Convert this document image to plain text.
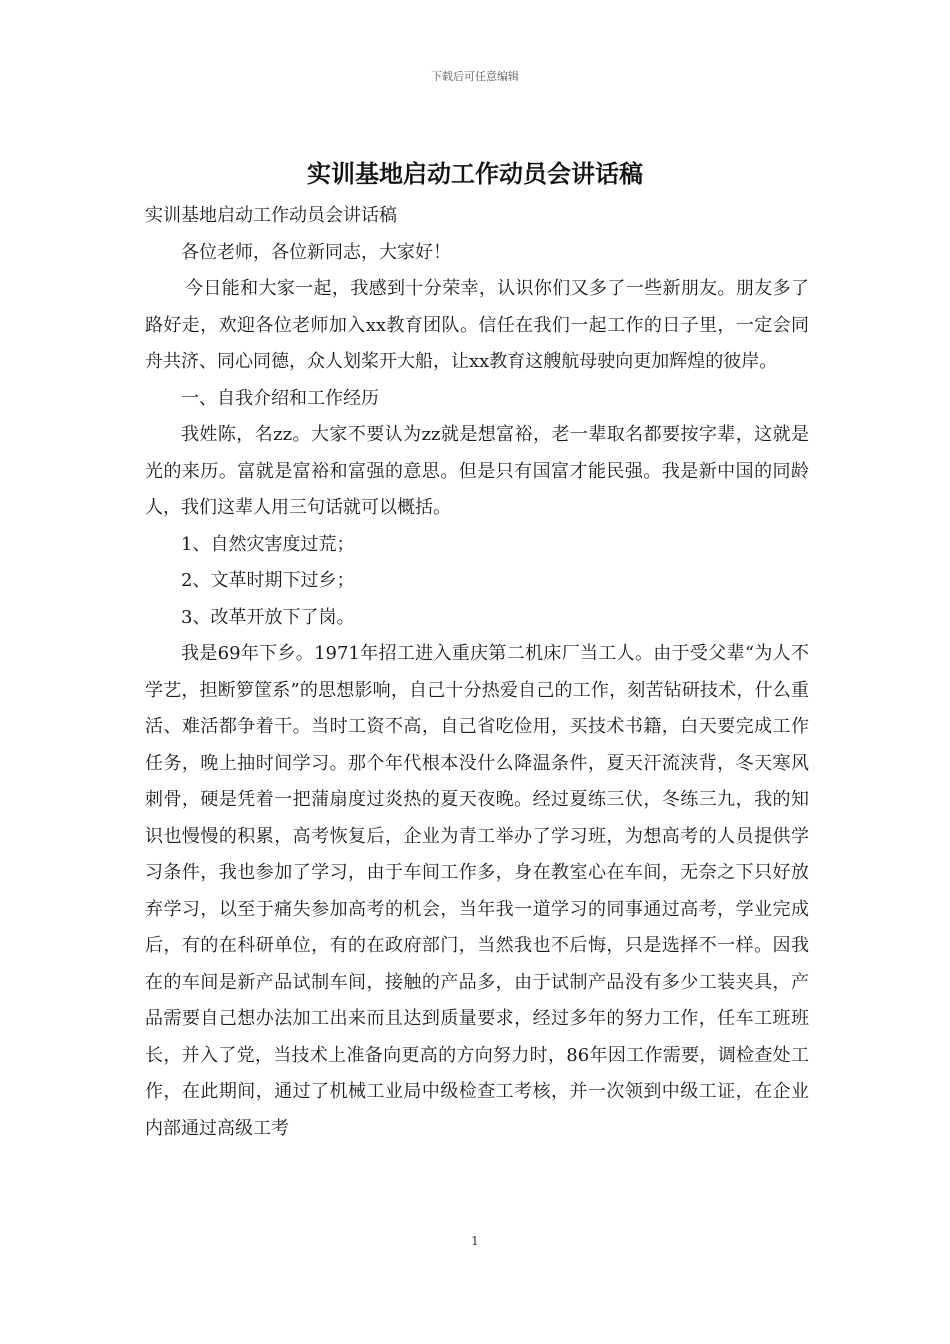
下载后可任意编辑
实训基地启动工作动员会讲话稿

实训基地启动工作动员会讲话稿

各位老师，各位新同志，大家好！

今日能和大家一起，我感到十分荣幸，认识你们又多了一些新朋友。朋友多了路好走，欢迎各位老师加入xx教育团队。信任在我们一起工作的日子里，一定会同舟共济、同心同德，众人划桨开大船，让xx教育这艘航母驶向更加辉煌的彼岸。

一、自我介绍和工作经历

我姓陈，名zz。大家不要认为zz就是想富裕，老一辈取名都要按字辈，这就是光的来历。富就是富裕和富强的意思。但是只有国富才能民强。我是新中国的同龄人，我们这辈人用三句话就可以概括。

1、自然灾害度过荒；

2、文革时期下过乡；

3、改革开放下了岗。

我是69年下乡。1971年招工进入重庆第二机床厂当工人。由于受父辈“为人不学艺，担断箩筐系”的思想影响，自己十分热爱自己的工作，刻苦钻研技术，什么重活、难活都争着干。当时工资不高，自己省吃俭用，买技术书籍，白天要完成工作任务，晚上抽时间学习。那个年代根本没什么降温条件，夏天汗流浃背，冬天寒风刺骨，硬是凭着一把蒲扇度过炎热的夏天夜晚。经过夏练三伏，冬练三九，我的知识也慢慢的积累，高考恢复后，企业为青工举办了学习班，为想高考的人员提供学习条件，我也参加了学习，由于车间工作多，身在教室心在车间，无奈之下只好放弃学习，以至于痛失参加高考的机会，当年我一道学习的同事通过高考，学业完成后，有的在科研单位，有的在政府部门，当然我也不后悔，只是选择不一样。因我在的车间是新产品试制车间，接触的产品多，由于试制产品没有多少工装夹具，产品需要自己想办法加工出来而且达到质量要求，经过多年的努力工作，任车工班班长，并入了党，当技术上准备向更高的方向努力时，86年因工作需要，调检查处工作，在此期间，通过了机械工业局中级检查工考核，并一次领到中级工证，在企业内部通过高级工考

1
